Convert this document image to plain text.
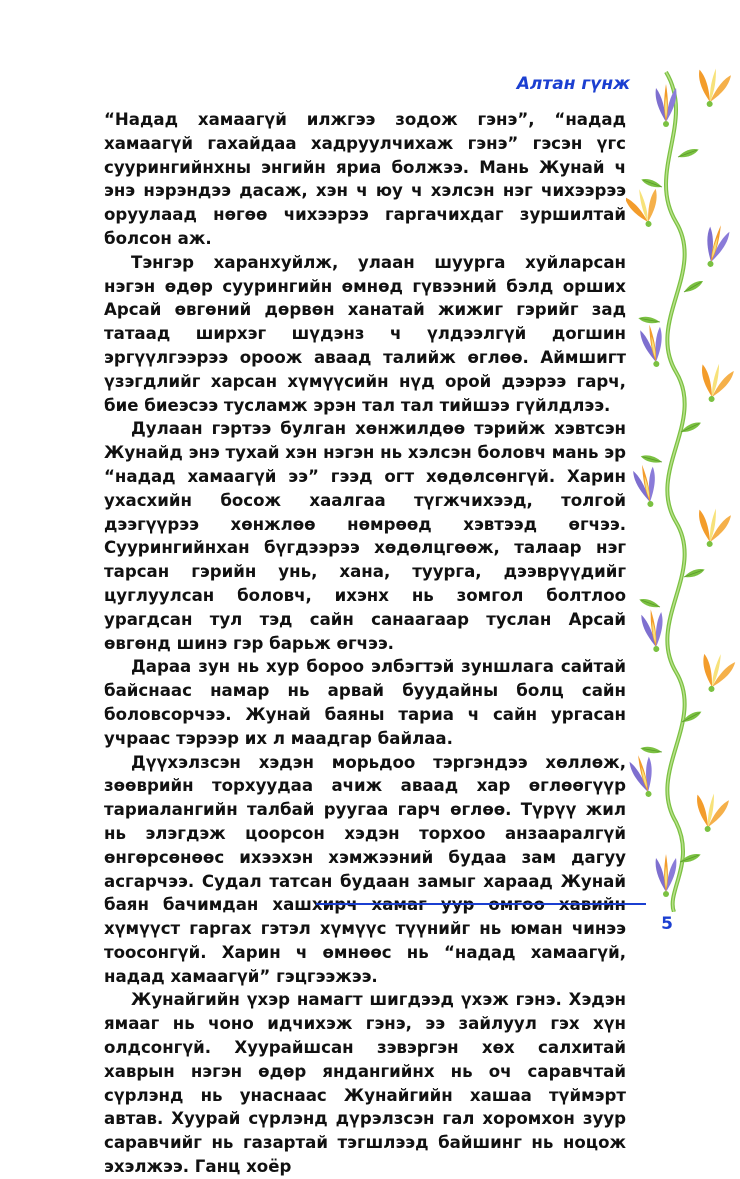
Алтан гүнж

“Надад хамаагүй илжгээ зодож гэнэ”, “надад хамаагүй гахайдаа хадруулчихаж гэнэ” гэсэн үгс суурингийнхны энгийн яриа болжээ. Мань Жунай ч энэ нэрэндээ дасаж, хэн ч юу ч хэлсэн нэг чихээрээ оруулаад нөгөө чихээрээ гаргачихдаг зуршилтай болсон аж.

Тэнгэр харанхуйлж, улаан шуурга хуйларсан нэгэн өдөр суурингийн өмнөд гүвээний бэлд орших Арсай өвгөний дөрвөн ханатай жижиг гэрийг зад татаад ширхэг шүдэнз ч үлдээлгүй догшин эргүүлгээрээ ороож аваад талийж өглөө. Аймшигт үзэгдлийг харсан хүмүүсийн нүд орой дээрээ гарч, бие биеэсээ тусламж эрэн тал тал тийшээ гүйлдлээ.

Дулаан гэртээ булган хөнжилдөө тэрийж хэвтсэн Жунайд энэ тухай хэн нэгэн нь хэлсэн боловч мань эр “надад хамаагүй ээ” гээд огт хөдөлсөнгүй. Харин ухасхийн босож хаалгаа түгжчихээд, толгой дээгүүрээ хөнжлөө нөмрөөд хэвтээд өгчээ. Суурингийнхан бүгдээрээ хөдөлцгөөж, талаар нэг тарсан гэрийн унь, хана, туурга, дээврүүдийг цуглуулсан боловч, ихэнх нь зомгол болтлоо урагдсан тул тэд сайн санаагаар туслан Арсай өвгөнд шинэ гэр барьж өгчээ.

Дараа зун нь хур бороо элбэгтэй зуншлага сайтай байснаас намар нь арвай буудайны болц сайн боловсорчээ. Жунай баяны тариа ч сайн ургасан учраас тэрээр их л маадгар байлаа.

Дүүхэлзсэн хэдэн морьдоо тэргэндээ хөллөж, зөөврийн торхуудаа ачиж аваад хар өглөөгүүр тариалангийн талбай руугаа гарч өглөө. Түрүү жил нь элэгдэж цоорсон хэдэн торхоо анзааралгүй өнгөрсөнөөс ихээхэн хэмжээний будаа зам дагуу асгарчээ. Судал татсан будаан замыг хараад Жунай баян бачимдан хашхирч хамаг уур омгоо хавийн хүмүүст гаргах гэтэл хүмүүс түүнийг нь юман чинээ тоосонгүй. Харин ч өмнөөс нь “надад хамаагүй, надад хамаагүй” гэцгээжээ.

Жунайгийн үхэр намагт шигдээд үхэж гэнэ. Хэдэн ямааг нь чоно идчихэж гэнэ, ээ зайлуул гэх хүн олдсонгүй. Хуурайшсан зэвэргэн хөх салхитай хаврын нэгэн өдөр яндангийнх нь оч саравчтай сүрлэнд нь унаснаас Жунайгийн хашаа түймэрт автав. Хуурай сүрлэнд дүрэлзсэн гал хоромхон зуур саравчийг нь газартай тэгшлээд байшинг нь ноцож эхэлжээ. Ганц хоёр

5
